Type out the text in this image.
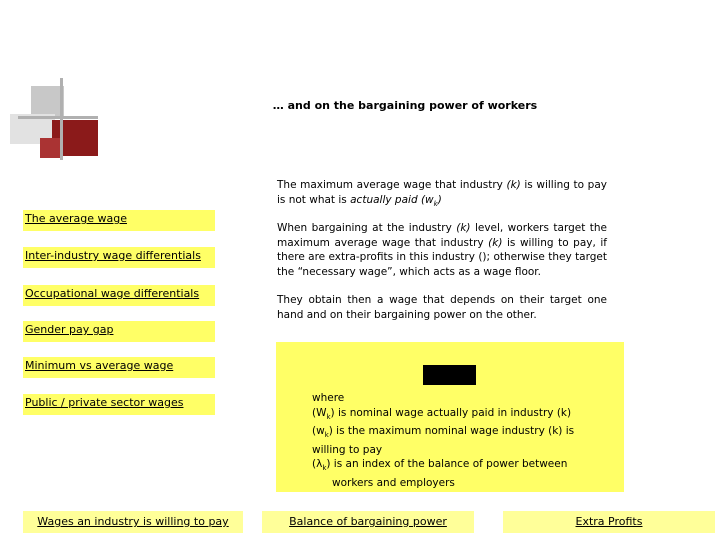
… and on the bargaining power of workers
The maximum average wage that industry (k) is willing to pay is not what is actually paid $(w_k)$
When bargaining at the industry (k) level, workers target the maximum average wage that industry (k) is willing to pay, if there are extra-profits in this industry (); otherwise they target the “necessary wage”, which acts as a wage floor.
They obtain then a wage that depends on their target one hand and on their bargaining power on the other.
The average wage
Inter-industry wage differentials
Occupational wage differentials
Gender pay gap
Minimum vs average wage
Public / private sector wages	where
$(W_k)$ is nominal wage actually paid in industry (k)
$(w_k)$ is the maximum nominal wage industry (k) is willing to pay
$(\lambda_k)$ is an index of the balance of power between
workers and employers
Wages an industry is willing to pay	Balance of bargaining power	Extra Profits
